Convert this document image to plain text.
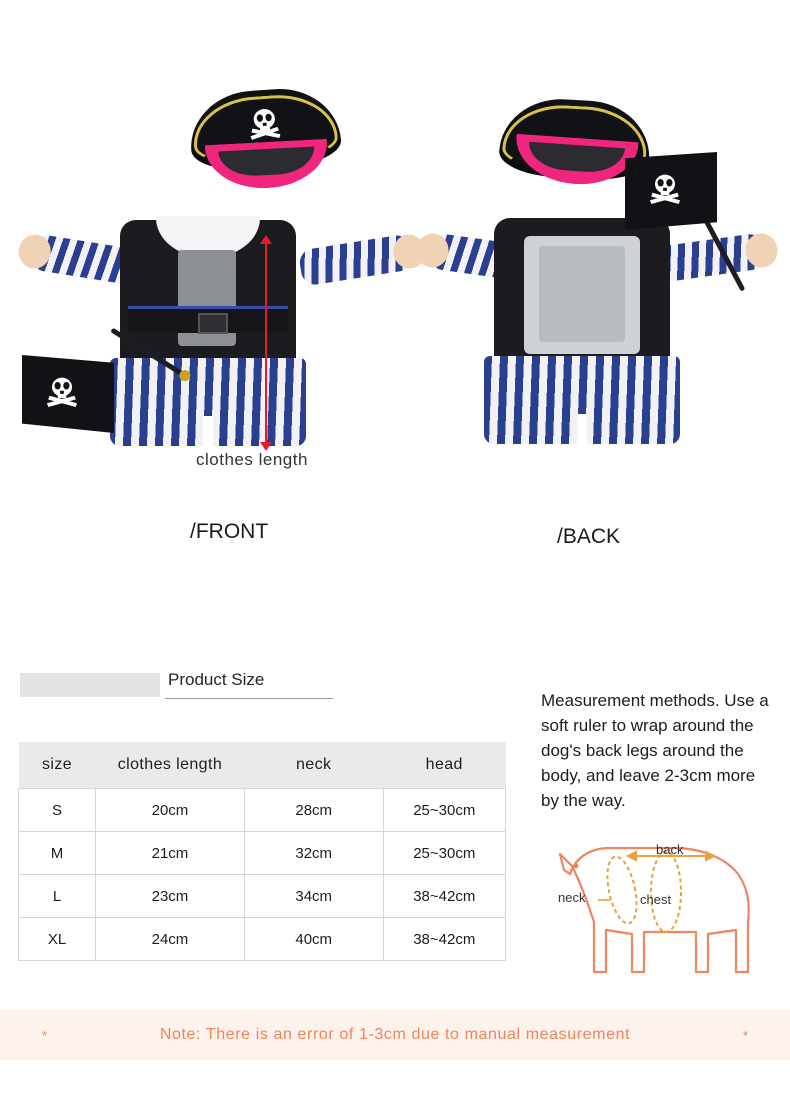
clothes length
/FRONT	/BACK
Product Size
size	clothes length	neck	head
S	20cm	28cm	25~30cm
M	21cm	32cm	25~30cm
L	23cm	34cm	38~42cm
XL	24cm	40cm	38~42cm

Measurement methods. Use a soft ruler to wrap around the dog's back legs around the body, and leave 2-3cm more by the way.

back
neck	chest
*	Note: There is an error of 1-3cm due to manual measurement	*
